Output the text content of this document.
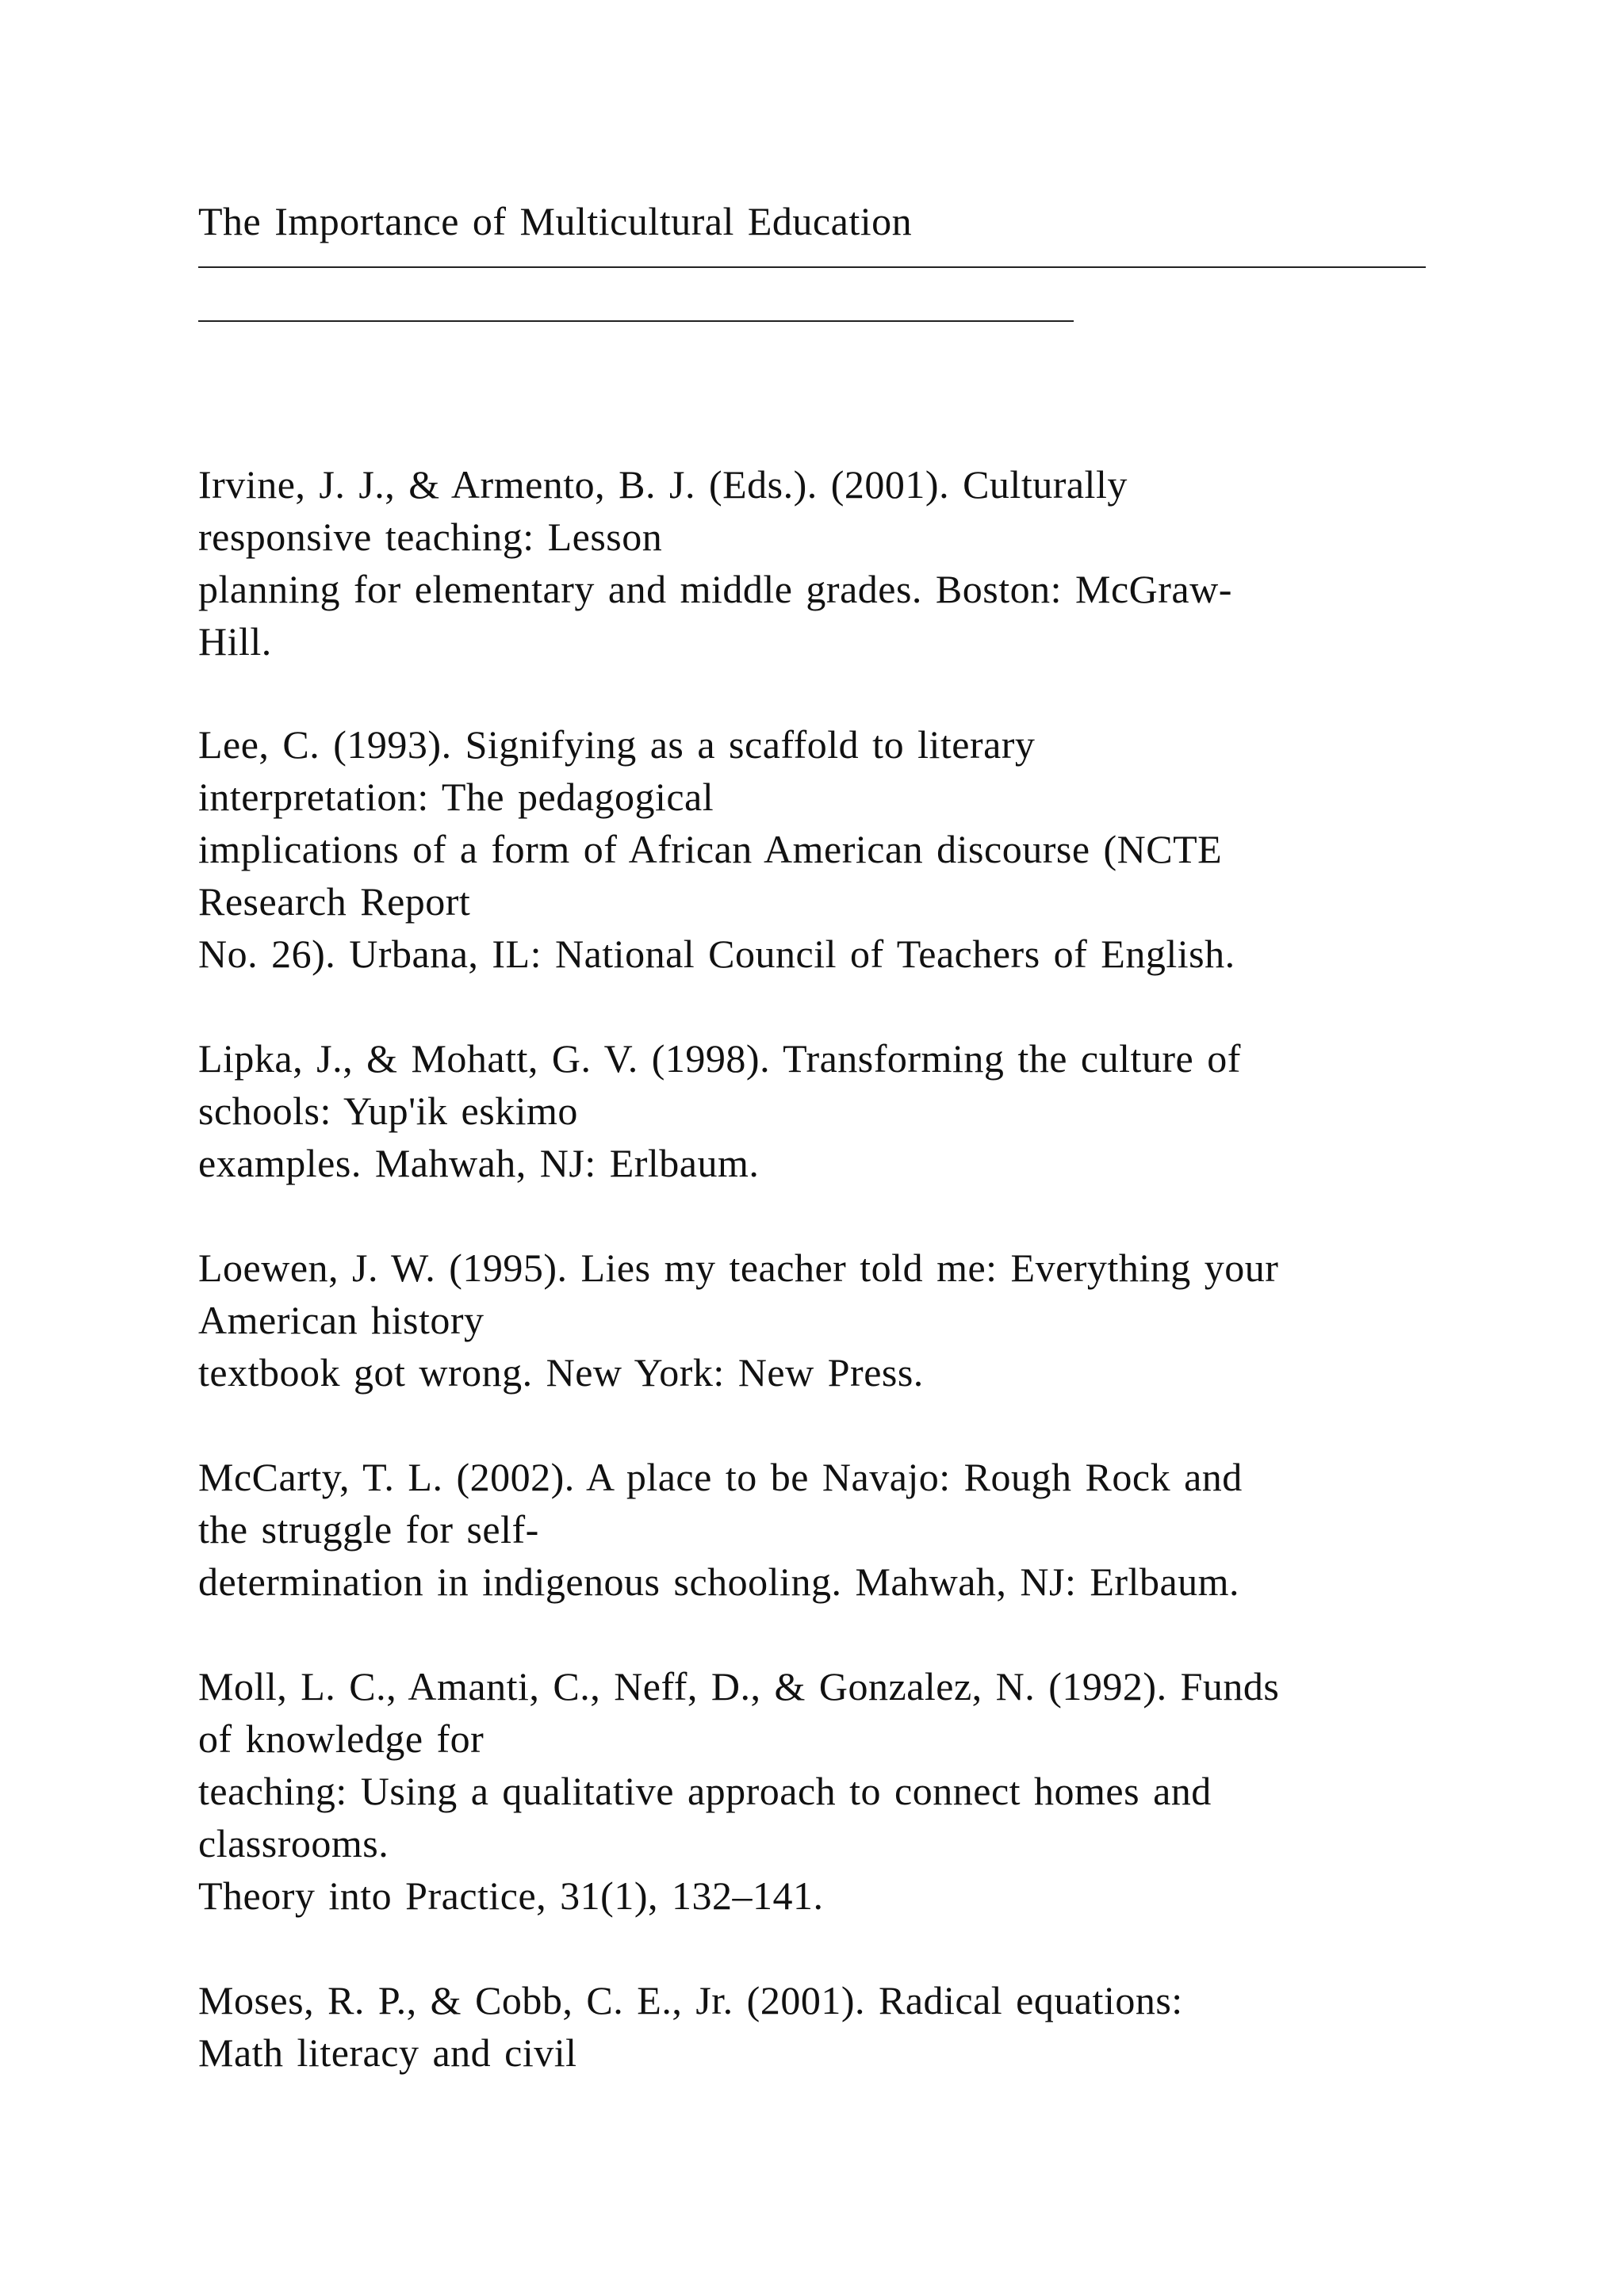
The Importance of Multicultural Education
Irvine, J. J., & Armento, B. J. (Eds.). (2001). Culturally
responsive teaching: Lesson
planning for elementary and middle grades. Boston: McGraw-
Hill.
Lee, C. (1993). Signifying as a scaffold to literary
interpretation: The pedagogical
implications of a form of African American discourse (NCTE
Research Report
No. 26). Urbana, IL: National Council of Teachers of English.
Lipka, J., & Mohatt, G. V. (1998). Transforming the culture of
schools: Yup'ik eskimo
examples. Mahwah, NJ: Erlbaum.
Loewen, J. W. (1995). Lies my teacher told me: Everything your
American history
textbook got wrong. New York: New Press.
McCarty, T. L. (2002). A place to be Navajo: Rough Rock and
the struggle for self-
determination in indigenous schooling. Mahwah, NJ: Erlbaum.
Moll, L. C., Amanti, C., Neff, D., & Gonzalez, N. (1992). Funds
of knowledge for
teaching: Using a qualitative approach to connect homes and
classrooms.
Theory into Practice, 31(1), 132–141.
Moses, R. P., & Cobb, C. E., Jr. (2001). Radical equations:
Math literacy and civil
